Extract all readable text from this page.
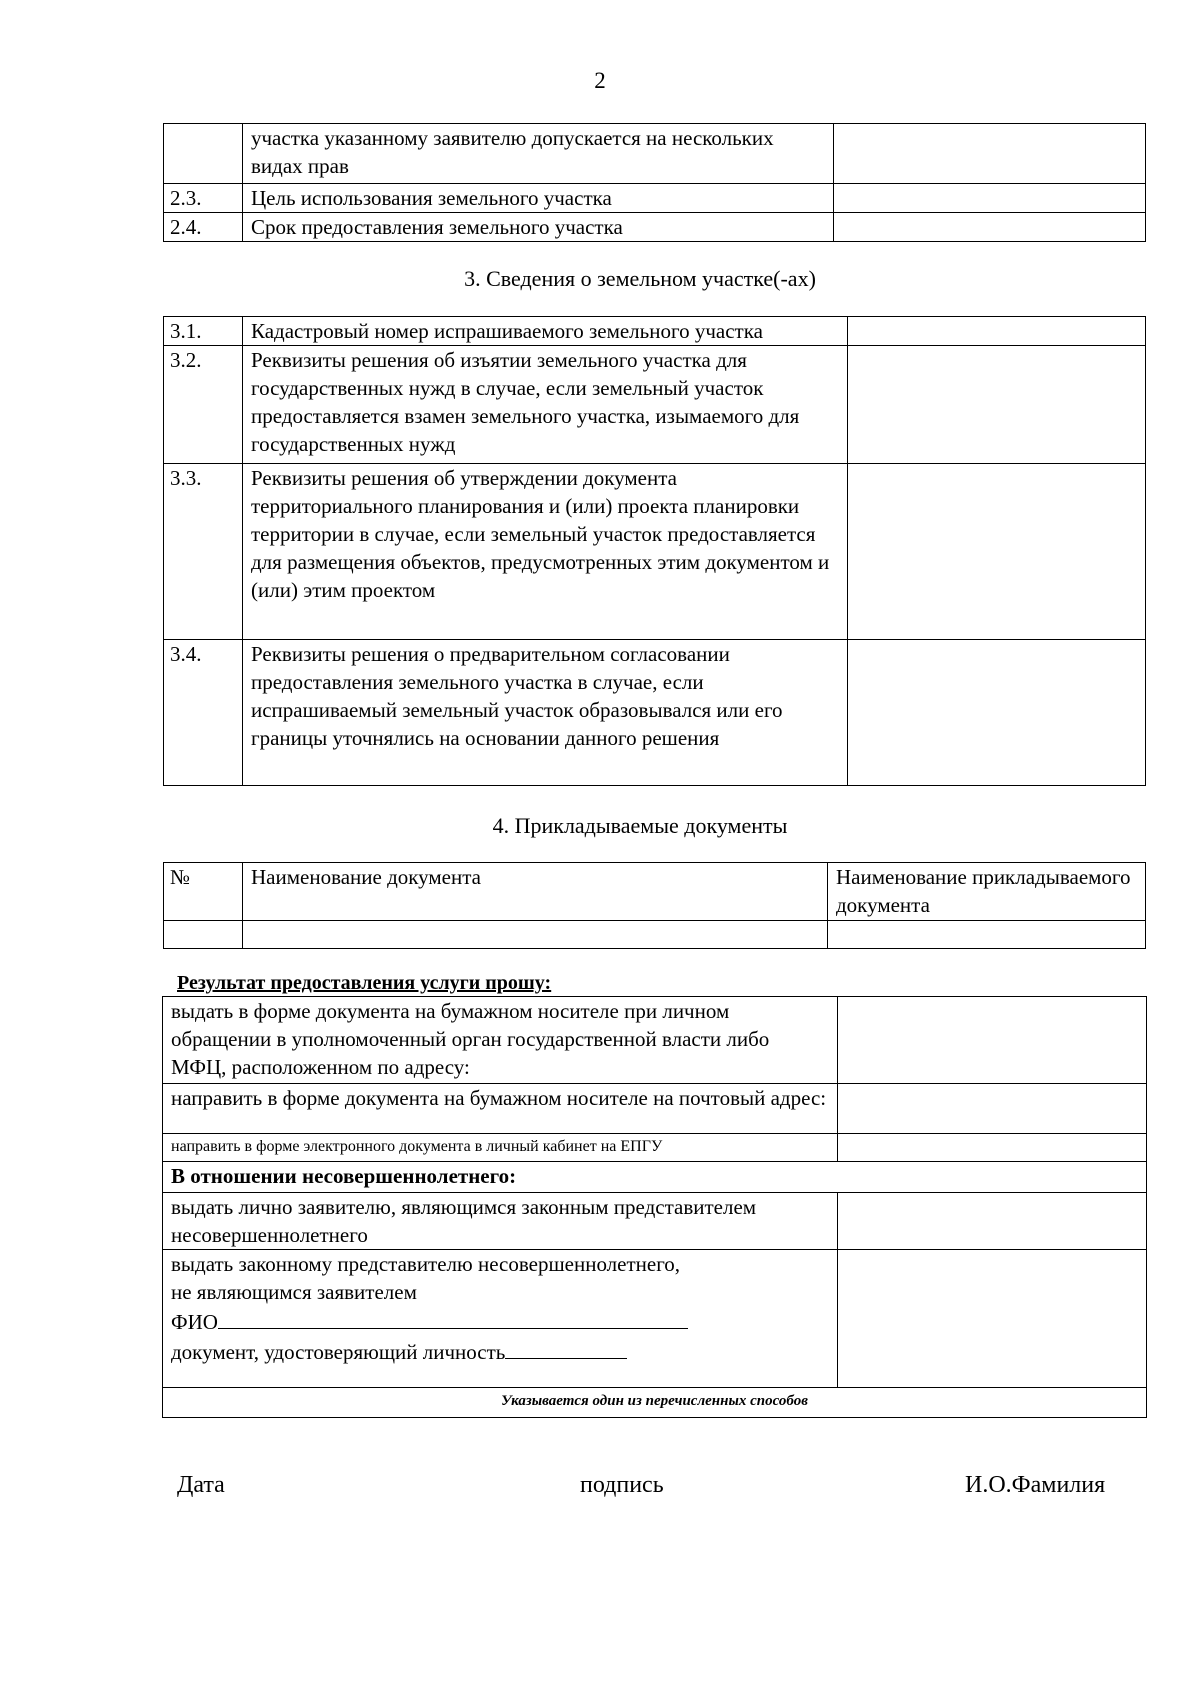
2
	участка указанному заявителю допускается на нескольких видах прав	
2.3.	Цель использования земельного участка	
2.4.	Срок предоставления земельного участка	
3. Сведения о земельном участке(-ах)
3.1.	Кадастровый номер испрашиваемого земельного участка	
3.2.	Реквизиты решения об изъятии земельного участка для государственных нужд в случае, если земельный участок предоставляется взамен земельного участка, изымаемого для государственных нужд	
3.3.	Реквизиты решения об утверждении документа территориального планирования и (или) проекта планировки территории в случае, если земельный участок предоставляется для размещения объектов, предусмотренных этим документом и (или) этим проектом	
3.4.	Реквизиты решения о предварительном согласовании предоставления земельного участка в случае, если испрашиваемый земельный участок образовывался или его границы уточнялись на основании данного решения	
4. Прикладываемые документы
№	Наименование документа	Наименование прикладываемого документа

Результат предоставления услуги прошу:
выдать в форме документа на бумажном носителе при личном обращении в уполномоченный орган государственной власти либо МФЦ, расположенном по адресу:	
направить в форме документа на бумажном носителе на почтовый адрес:	
направить в форме электронного документа в личный кабинет на ЕПГУ	
В отношении несовершеннолетнего:	
выдать лично заявителю, являющимся законным представителем несовершеннолетнего	

выдать законному представителю несовершеннолетнего,
не являющимся заявителем
ФИО
документ, удостоверяющий личность	

Указывается один из перечисленных способов	
Дата	подпись	И.О.Фамилия
